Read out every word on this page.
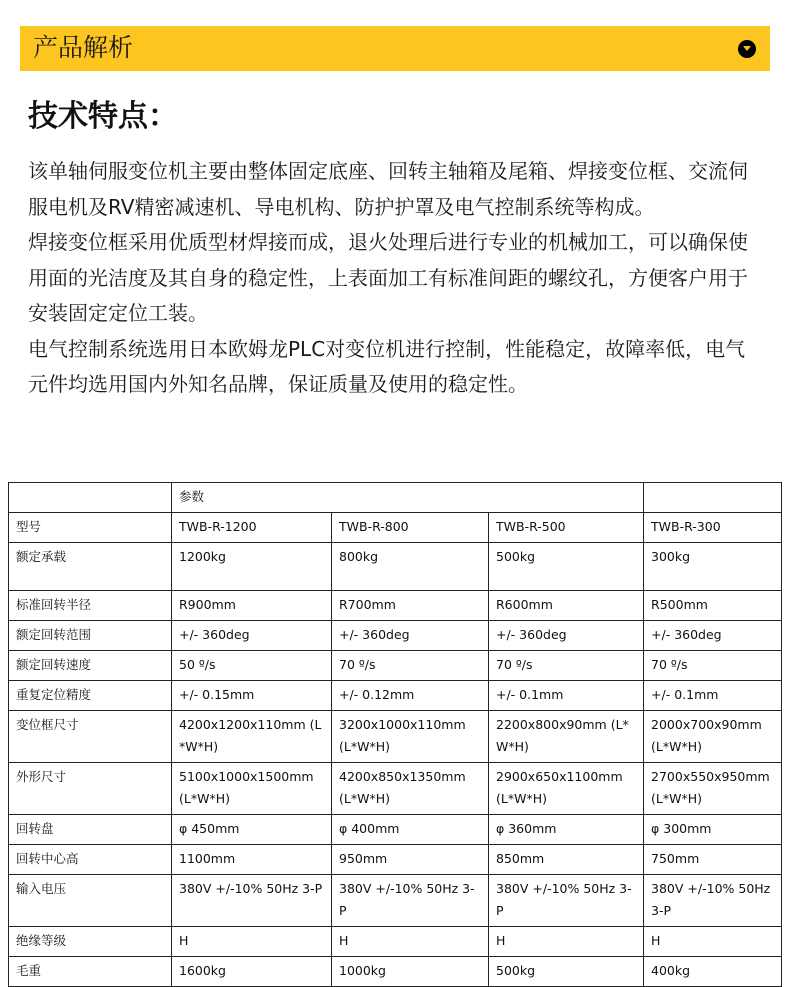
产品解析
技术特点：

该单轴伺服变位机主要由整体固定底座、回转主轴箱及尾箱、焊接变位框、交流伺服电机及RV精密减速机、导电机构、防护护罩及电气控制系统等构成。

焊接变位框采用优质型材焊接而成，退火处理后进行专业的机械加工，可以确保使用面的光洁度及其自身的稳定性，上表面加工有标准间距的螺纹孔，方便客户用于安装固定定位工装。

电气控制系统选用日本欧姆龙PLC对变位机进行控制，性能稳定，故障率低，电气元件均选用国内外知名品牌，保证质量及使用的稳定性。

	参数			
型号	TWB-R-1200	TWB-R-800	TWB-R-500	TWB-R-300
额定承载	1200kg	800kg	500kg	300kg
标准回转半径	R900mm	R700mm	R600mm	R500mm
额定回转范围	+/- 360deg	+/- 360deg	+/- 360deg	+/- 360deg
额定回转速度	50 º/s	70 º/s	70 º/s	70 º/s
重复定位精度	+/- 0.15mm	+/- 0.12mm	+/- 0.1mm	+/- 0.1mm
变位框尺寸	4200x1200x110mm (L*W*H)	3200x1000x110mm (L*W*H)	2200x800x90mm (L*W*H)	2000x700x90mm (L*W*H)
外形尺寸	5100x1000x1500mm (L*W*H)	4200x850x1350mm (L*W*H)	2900x650x1100mm (L*W*H)	2700x550x950mm (L*W*H)
回转盘	φ 450mm	φ 400mm	φ 360mm	φ 300mm
回转中心高	1100mm	950mm	850mm	750mm
输入电压	380V +/-10% 50Hz 3-P	380V +/-10% 50Hz 3-P	380V +/-10% 50Hz 3-P	380V +/-10% 50Hz 3-P
绝缘等级	H	H	H	H
毛重	1600kg	1000kg	500kg	400kg
